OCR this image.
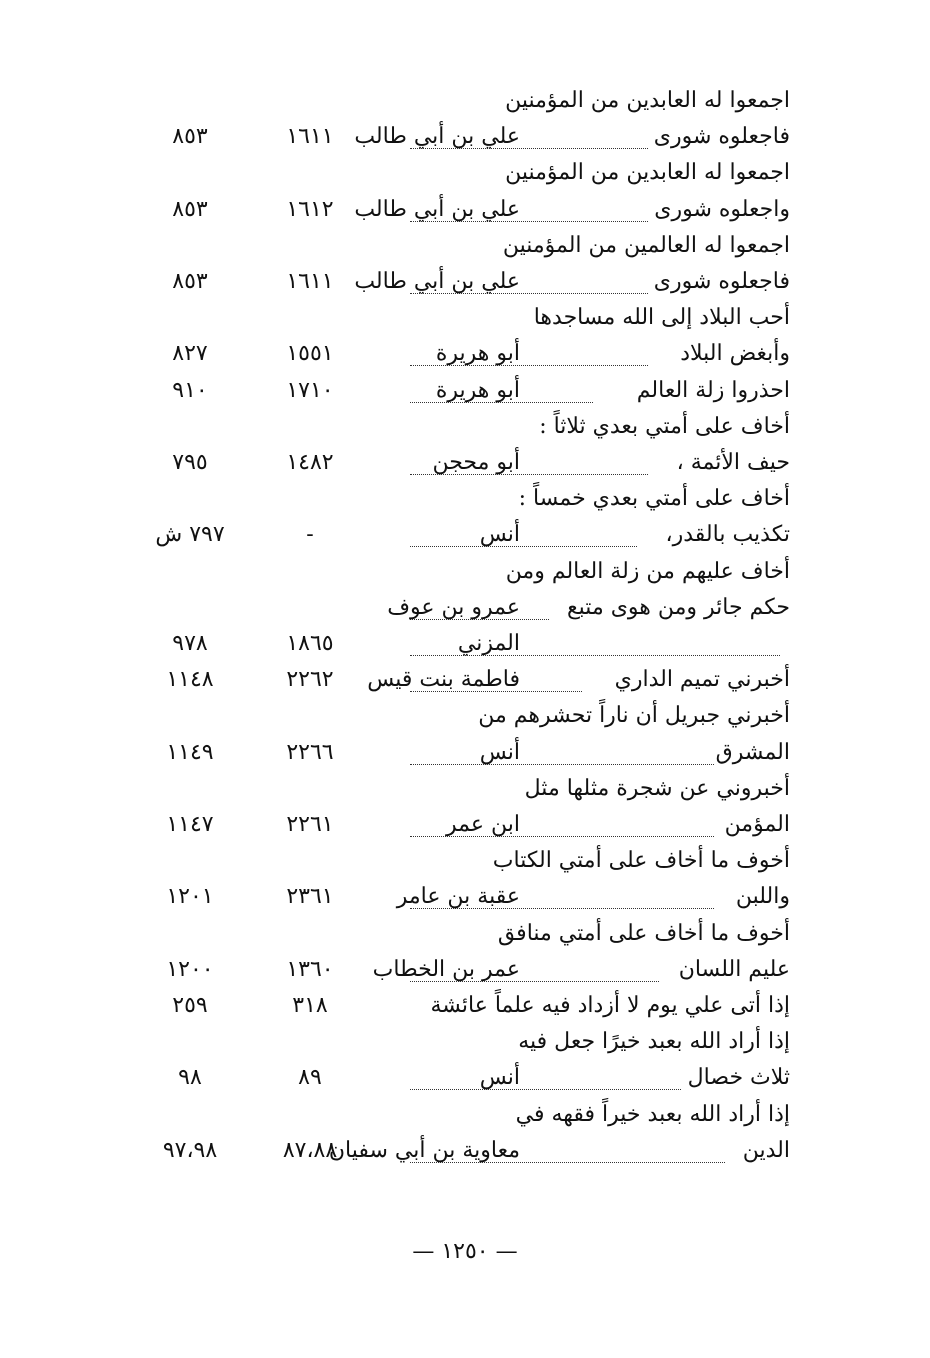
اجمعوا له العابدين من المؤمنين
فاجعلوه شورى
علي بن أبي طالب
١٦١١
٨٥٣
اجمعوا له العابدين من المؤمنين
واجعلوه شورى
علي بن أبي طالب
١٦١٢
٨٥٣
اجمعوا له العالمين من المؤمنين
فاجعلوه شورى
علي بن أبي طالب
١٦١١
٨٥٣
أحب البلاد إلى الله مساجدها
وأبغض البلاد
أبو هريرة
١٥٥١
٨٢٧
احذروا زلة العالم
أبو هريرة
١٧١٠
٩١٠
أخاف على أمتي بعدي ثلاثاً :
حيف الأئمة ،
أبو محجن
١٤٨٢
٧٩٥
أخاف على أمتي بعدي خمساً :
تكذيب بالقدر،
أنس
-
٧٩٧ ش
أخاف عليهم من زلة العالم ومن
حكم جائر ومن هوى متبع
عمرو بن عوف
المزني
١٨٦٥
٩٧٨
أخبرني تميم الداري
فاطمة بنت قيس
٢٢٦٢
١١٤٨
أخبرني جبريل أن ناراً تحشرهم من
المشرق
أنس
٢٢٦٦
١١٤٩
أخبروني عن شجرة مثلها مثل
المؤمن
ابن عمر
٢٢٦١
١١٤٧
أخوف ما أخاف على أمتي الكتاب
واللبن
عقبة بن عامر
٢٣٦١
١٢٠١
أخوف ما أخاف على أمتي منافق
عليم اللسان
عمر بن الخطاب
١٣٦٠
١٢٠٠
إذا أتى علي يوم لا أزداد فيه علماً عائشة
٣١٨
٢٥٩
إذا أراد الله بعبد خيرًا جعل فيه
ثلاث خصال
أنس
٨٩
٩٨
إذا أراد الله بعبد خيراً فقهه في
الدين
معاوية بن أبي سفيان
٨٧،٨٨
٩٧،٩٨
— ١٢٥٠ —
